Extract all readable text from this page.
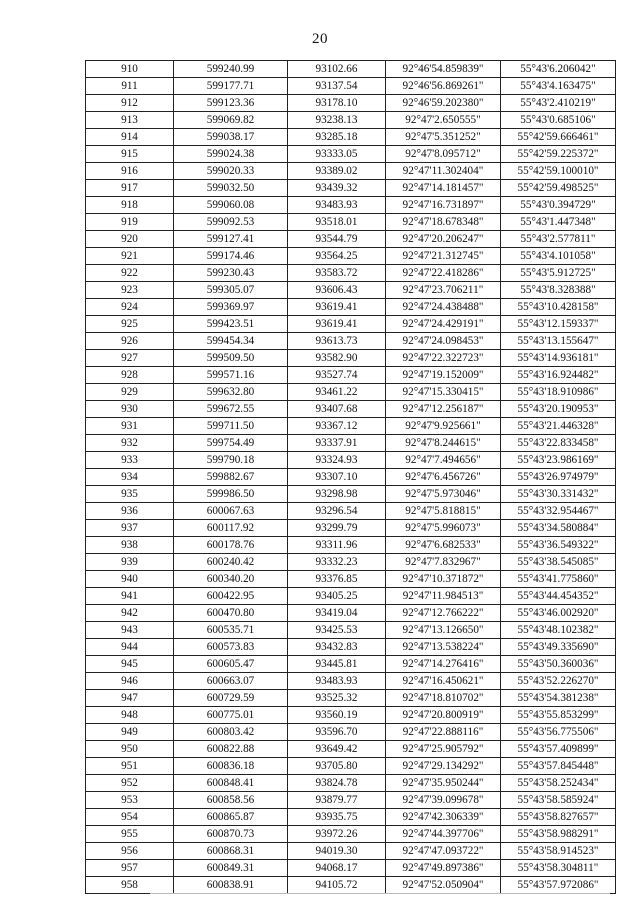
20
910	599240.99	93102.66	92°46'54.859839"	55°43'6.206042"
911	599177.71	93137.54	92°46'56.869261"	55°43'4.163475"
912	599123.36	93178.10	92°46'59.202380"	55°43'2.410219"
913	599069.82	93238.13	92°47'2.650555"	55°43'0.685106"
914	599038.17	93285.18	92°47'5.351252"	55°42'59.666461"
915	599024.38	93333.05	92°47'8.095712"	55°42'59.225372"
916	599020.33	93389.02	92°47'11.302404"	55°42'59.100010"
917	599032.50	93439.32	92°47'14.181457"	55°42'59.498525"
918	599060.08	93483.93	92°47'16.731897"	55°43'0.394729"
919	599092.53	93518.01	92°47'18.678348"	55°43'1.447348"
920	599127.41	93544.79	92°47'20.206247"	55°43'2.577811"
921	599174.46	93564.25	92°47'21.312745"	55°43'4.101058"
922	599230.43	93583.72	92°47'22.418286"	55°43'5.912725"
923	599305.07	93606.43	92°47'23.706211"	55°43'8.328388"
924	599369.97	93619.41	92°47'24.438488"	55°43'10.428158"
925	599423.51	93619.41	92°47'24.429191"	55°43'12.159337"
926	599454.34	93613.73	92°47'24.098453"	55°43'13.155647"
927	599509.50	93582.90	92°47'22.322723"	55°43'14.936181"
928	599571.16	93527.74	92°47'19.152009"	55°43'16.924482"
929	599632.80	93461.22	92°47'15.330415"	55°43'18.910986"
930	599672.55	93407.68	92°47'12.256187"	55°43'20.190953"
931	599711.50	93367.12	92°47'9.925661"	55°43'21.446328"
932	599754.49	93337.91	92°47'8.244615"	55°43'22.833458"
933	599790.18	93324.93	92°47'7.494656"	55°43'23.986169"
934	599882.67	93307.10	92°47'6.456726"	55°43'26.974979"
935	599986.50	93298.98	92°47'5.973046"	55°43'30.331432"
936	600067.63	93296.54	92°47'5.818815"	55°43'32.954467"
937	600117.92	93299.79	92°47'5.996073"	55°43'34.580884"
938	600178.76	93311.96	92°47'6.682533"	55°43'36.549322"
939	600240.42	93332.23	92°47'7.832967"	55°43'38.545085"
940	600340.20	93376.85	92°47'10.371872"	55°43'41.775860"
941	600422.95	93405.25	92°47'11.984513"	55°43'44.454352"
942	600470.80	93419.04	92°47'12.766222"	55°43'46.002920"
943	600535.71	93425.53	92°47'13.126650"	55°43'48.102382"
944	600573.83	93432.83	92°47'13.538224"	55°43'49.335690"
945	600605.47	93445.81	92°47'14.276416"	55°43'50.360036"
946	600663.07	93483.93	92°47'16.450621"	55°43'52.226270"
947	600729.59	93525.32	92°47'18.810702"	55°43'54.381238"
948	600775.01	93560.19	92°47'20.800919"	55°43'55.853299"
949	600803.42	93596.70	92°47'22.888116"	55°43'56.775506"
950	600822.88	93649.42	92°47'25.905792"	55°43'57.409899"
951	600836.18	93705.80	92°47'29.134292"	55°43'57.845448"
952	600848.41	93824.78	92°47'35.950244"	55°43'58.252434"
953	600858.56	93879.77	92°47'39.099678"	55°43'58.585924"
954	600865.87	93935.75	92°47'42.306339"	55°43'58.827657"
955	600870.73	93972.26	92°47'44.397706"	55°43'58.988291"
956	600868.31	94019.30	92°47'47.093722"	55°43'58.914523"
957	600849.31	94068.17	92°47'49.897386"	55°43'58.304811"
958	600838.91	94105.72	92°47'52.050904"	55°43'57.972086"
